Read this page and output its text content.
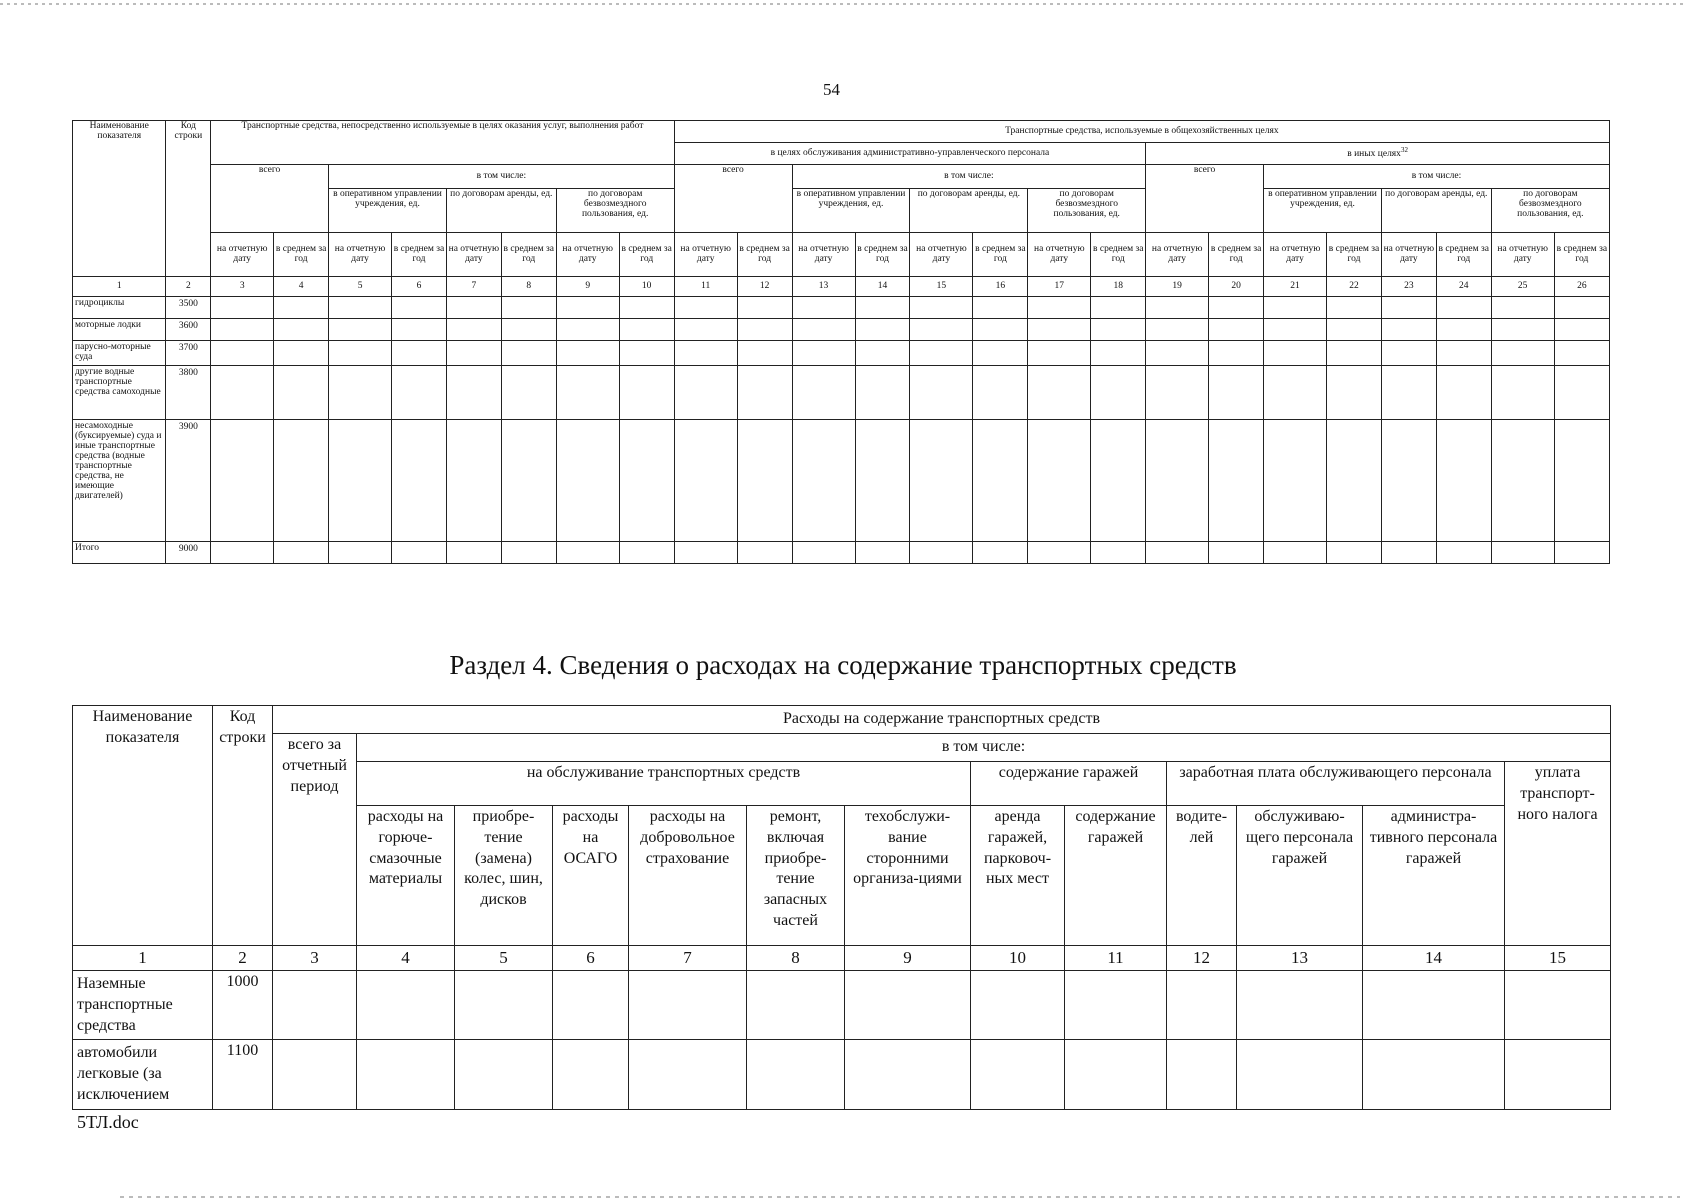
54
Наименование показателя	Код строки	Транспортные средства, непосредственно используемые в целях оказания услуг, выполнения работ								Транспортные средства, используемые в общехозяйственных целях															
										в целях обслуживания административно-управленческого персонала								в иных целях$^{32}$
		всего		в том числе:						всего		в том числе:						всего		в том числе:					
				в оперативном управлении учреждения, ед.		по договорам аренды, ед.		по договорам безвозмездного пользования, ед.				в оперативном управлении учреждения, ед.		по договорам аренды, ед.		по договорам безвозмездного пользования, ед.				в оперативном управлении учреждения, ед.		по договорам аренды, ед.		по договорам безвозмездного пользования, ед.	
		на отчетную дату	в среднем за год	на отчетную дату	в среднем за год	на отчетную дату	в среднем за год	на отчетную дату	в среднем за год	на отчетную дату	в среднем за год	на отчетную дату	в среднем за год	на отчетную дату	в среднем за год	на отчетную дату	в среднем за год	на отчетную дату	в среднем за год	на отчетную дату	в среднем за год	на отчетную дату	в среднем за год	на отчетную дату	в среднем за год
1	2	3	4	5	6	7	8	9	10	11	12	13	14	15	16	17	18	19	20	21	22	23	24	25	26
гидроциклы	3500																								
моторные лодки	3600																								
парусно-моторные суда	3700																								
другие водные транспортные средства самоходные	3800																								
несамоходные (буксируемые) суда и иные транспортные средства (водные транспортные средства, не имеющие двигателей)	3900																								
Итого	9000																								
Раздел 4. Сведения о расходах на содержание транспортных средств
Наименование показателя	Код строки	Расходы на содержание транспортных средств												
		всего за отчетный период	в том числе:											
			на обслуживание транспортных средств						содержание гаражей		заработная плата обслуживающего персонала			уплата транспорт-ного налога
			расходы на горюче-смазочные материалы	приобре-тение (замена) колес, шин, дисков	расходы на ОСАГО	расходы на добровольное страхование	ремонт, включая приобре-тение запасных частей	техобслужи-вание сторонними организа-циями	аренда гаражей, парковоч-ных мест	содержание гаражей	водите-лей	обслуживаю-щего персонала гаражей	администра-тивного персонала гаражей	
1	2	3	4	5	6	7	8	9	10	11	12	13	14	15
Наземные транспортные средства	1000													
автомобили легковые (за исключением	1100													
5ТЛ.doc
